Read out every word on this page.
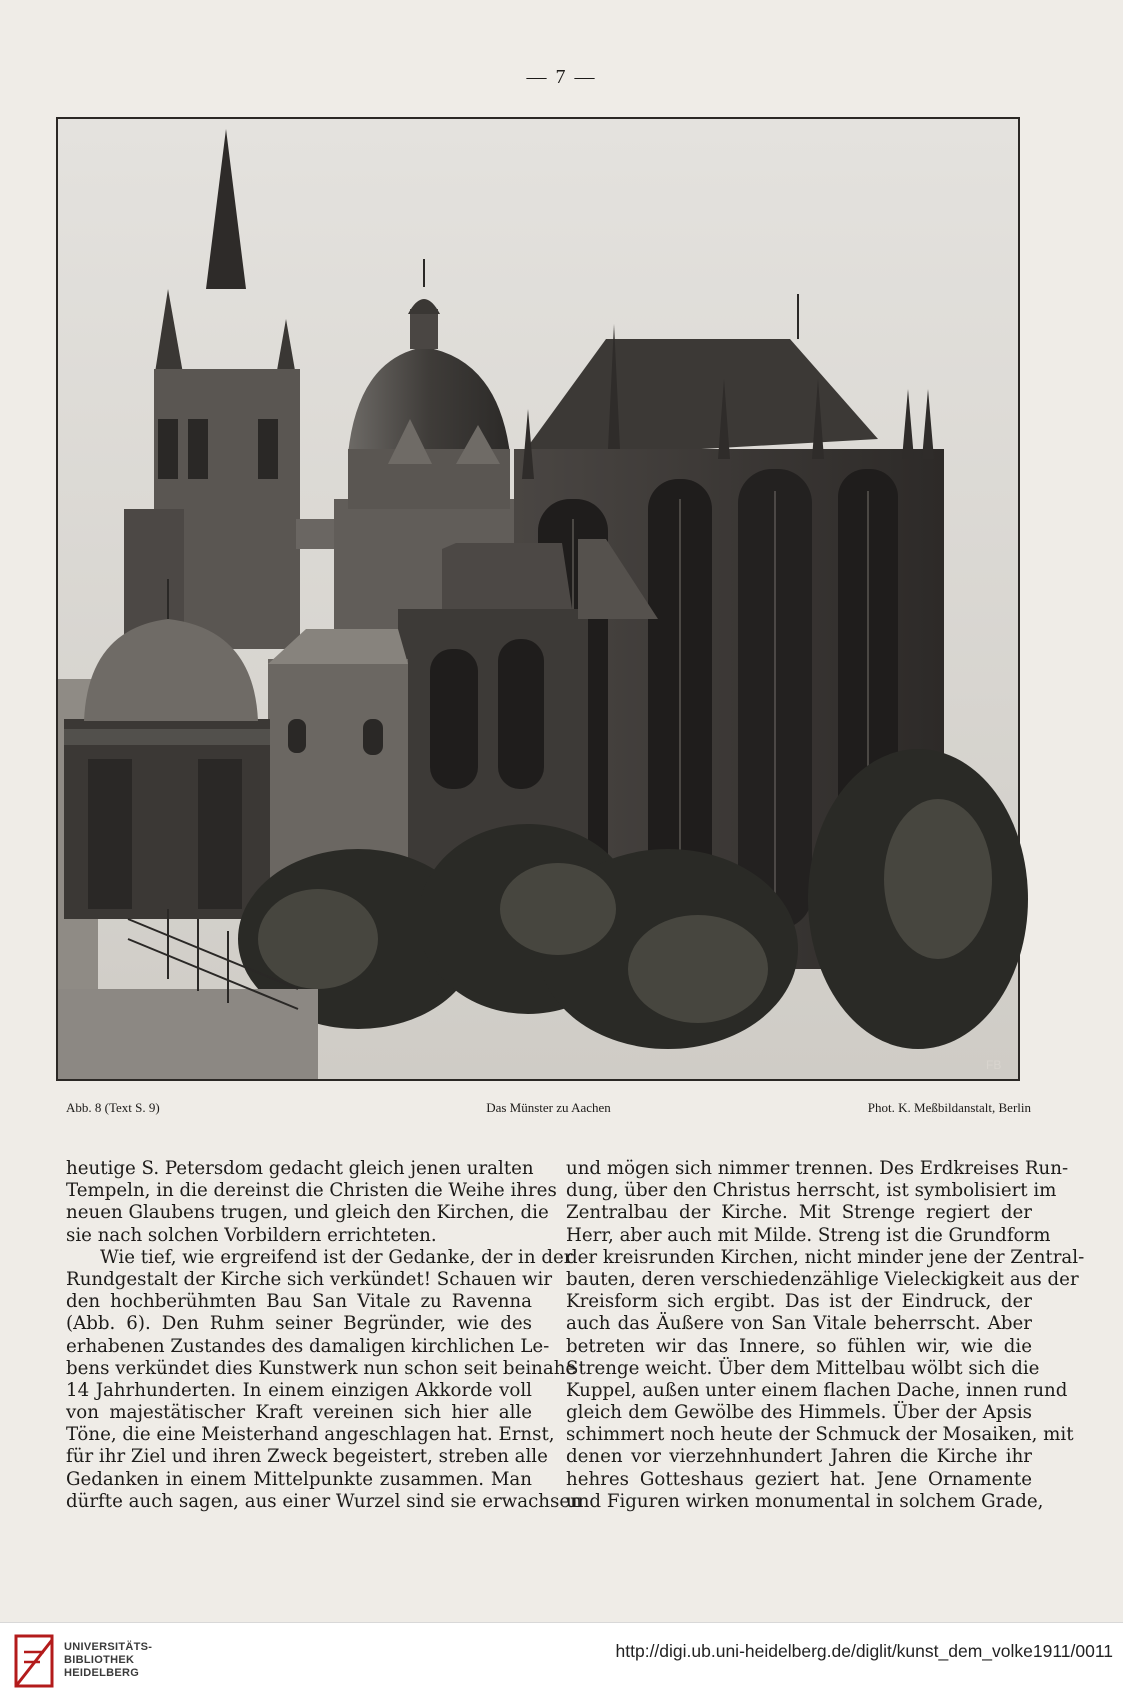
— 7 —
FB
Abb. 8 (Text S. 9)	Das Münster zu Aachen	Phot. K. Meßbildanstalt, Berlin
heutige S. Petersdom gedacht gleich jenen uralten
Tempeln, in die dereinst die Christen die Weihe ihres
neuen Glaubens trugen, und gleich den Kirchen, die
sie nach solchen Vorbildern errichteten.
Wie tief, wie ergreifend ist der Gedanke, der in der
Rundgestalt der Kirche sich verkündet! Schauen wir
den hochberühmten Bau San Vitale zu Ravenna
(Abb. 6). Den Ruhm seiner Begründer, wie des
erhabenen Zustandes des damaligen kirchlichen Le-
bens verkündet dies Kunstwerk nun schon seit beinahe
14 Jahrhunderten. In einem einzigen Akkorde voll
von majestätischer Kraft vereinen sich hier alle
Töne, die eine Meisterhand angeschlagen hat. Ernst,
für ihr Ziel und ihren Zweck begeistert, streben alle
Gedanken in einem Mittelpunkte zusammen. Man
dürfte auch sagen, aus einer Wurzel sind sie erwachsen
und mögen sich nimmer trennen. Des Erdkreises Run-
dung, über den Christus herrscht, ist symbolisiert im
Zentralbau der Kirche. Mit Strenge regiert der
Herr, aber auch mit Milde. Streng ist die Grundform
der kreisrunden Kirchen, nicht minder jene der Zentral-
bauten, deren verschiedenzählige Vieleckigkeit aus der
Kreisform sich ergibt. Das ist der Eindruck, der
auch das Äußere von San Vitale beherrscht. Aber
betreten wir das Innere, so fühlen wir, wie die
Strenge weicht. Über dem Mittelbau wölbt sich die
Kuppel, außen unter einem flachen Dache, innen rund
gleich dem Gewölbe des Himmels. Über der Apsis
schimmert noch heute der Schmuck der Mosaiken, mit
denen vor vierzehnhundert Jahren die Kirche ihr
hehres Gotteshaus geziert hat. Jene Ornamente
und Figuren wirken monumental in solchem Grade,
UNIVERSITÄTS-
BIBLIOTHEK
HEIDELBERG
http://digi.ub.uni-heidelberg.de/diglit/kunst_dem_volke1911/0011
